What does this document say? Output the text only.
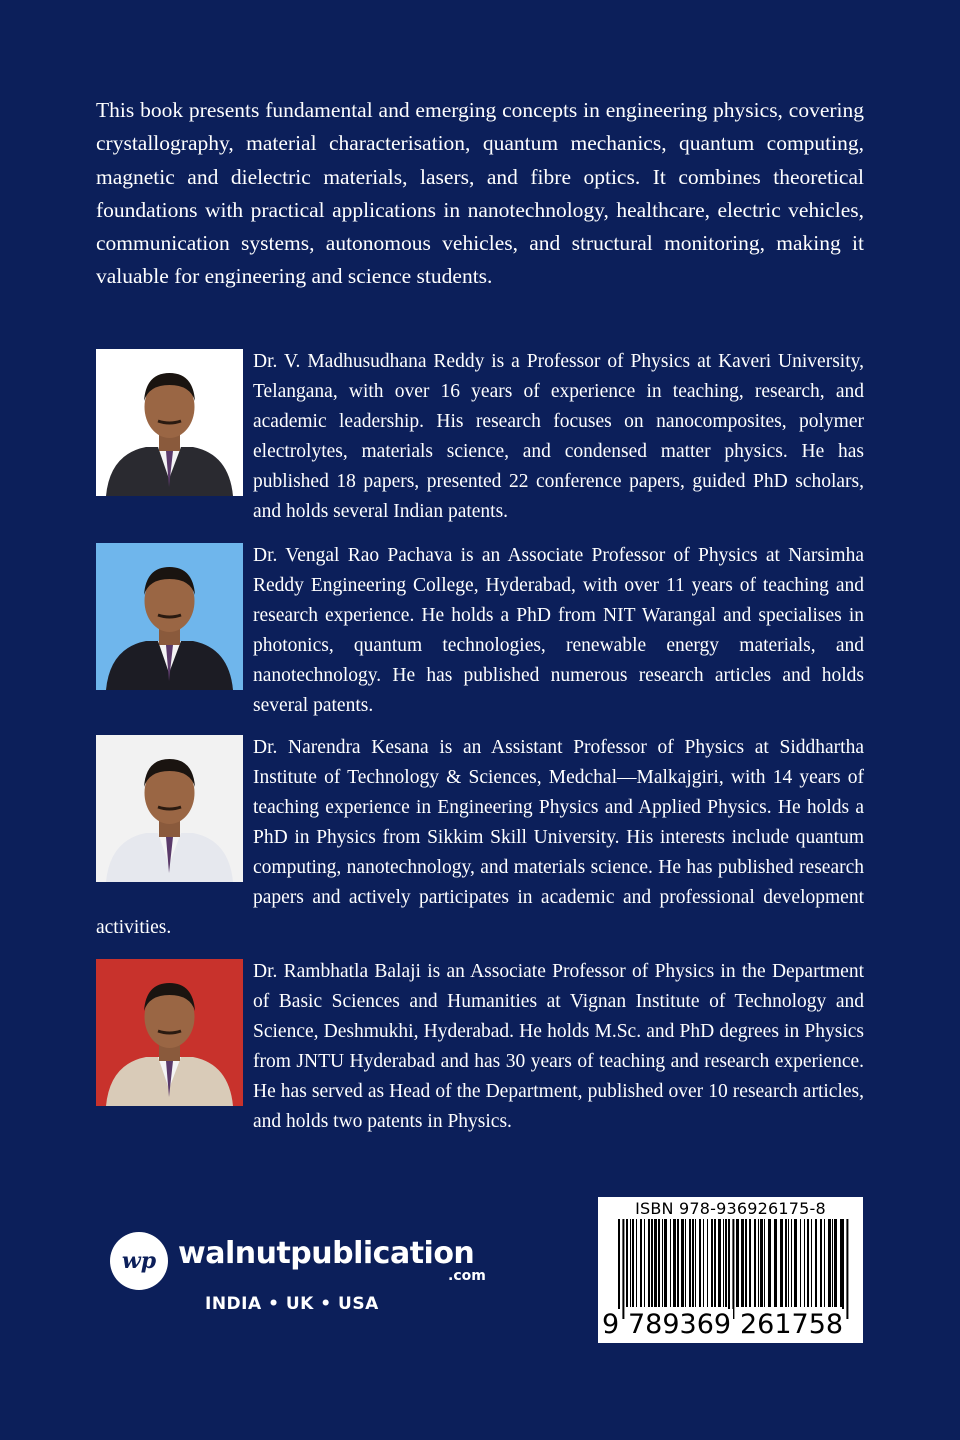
This book presents fundamental and emerging concepts in engineering physics, covering crystallography, material characterisation, quantum mechanics, quantum computing, magnetic and dielectric materials, lasers, and fibre optics. It combines theoretical foundations with practical applications in nanotechnology, healthcare, electric vehicles, communication systems, autonomous vehicles, and structural monitoring, making it valuable for engineering and science students.

Dr. V. Madhusudhana Reddy is a Professor of Physics at Kaveri University, Telangana, with over 16 years of experience in teaching, research, and academic leadership. His research focuses on nanocomposites, polymer electrolytes, materials science, and condensed matter physics. He has published 18 papers, presented 22 conference papers, guided PhD scholars, and holds several Indian patents.

Dr. Vengal Rao Pachava is an Associate Professor of Physics at Narsimha Reddy Engineering College, Hyderabad, with over 11 years of teaching and research experience. He holds a PhD from NIT Warangal and specialises in photonics, quantum technologies, renewable energy materials, and nanotechnology. He has published numerous research articles and holds several patents.

Dr. Narendra Kesana is an Assistant Professor of Physics at Siddhartha Institute of Technology & Sciences, Medchal—Malkajgiri, with 14 years of teaching experience in Engineering Physics and Applied Physics. He holds a PhD in Physics from Sikkim Skill University. His interests include quantum computing, nanotechnology, and materials science. He has published research papers and actively participates in academic and professional development activities.

Dr. Rambhatla Balaji is an Associate Professor of Physics in the Department of Basic Sciences and Humanities at Vignan Institute of Technology and Science, Deshmukhi, Hyderabad. He holds M.Sc. and PhD degrees in Physics from JNTU Hyderabad and has 30 years of teaching and research experience. He has served as Head of the Department, published over 10 research articles, and holds two patents in Physics.

wp walnutpublication
.com
INDIA • UK • USA
ISBN 978-936926175-8
9 789369 261758
